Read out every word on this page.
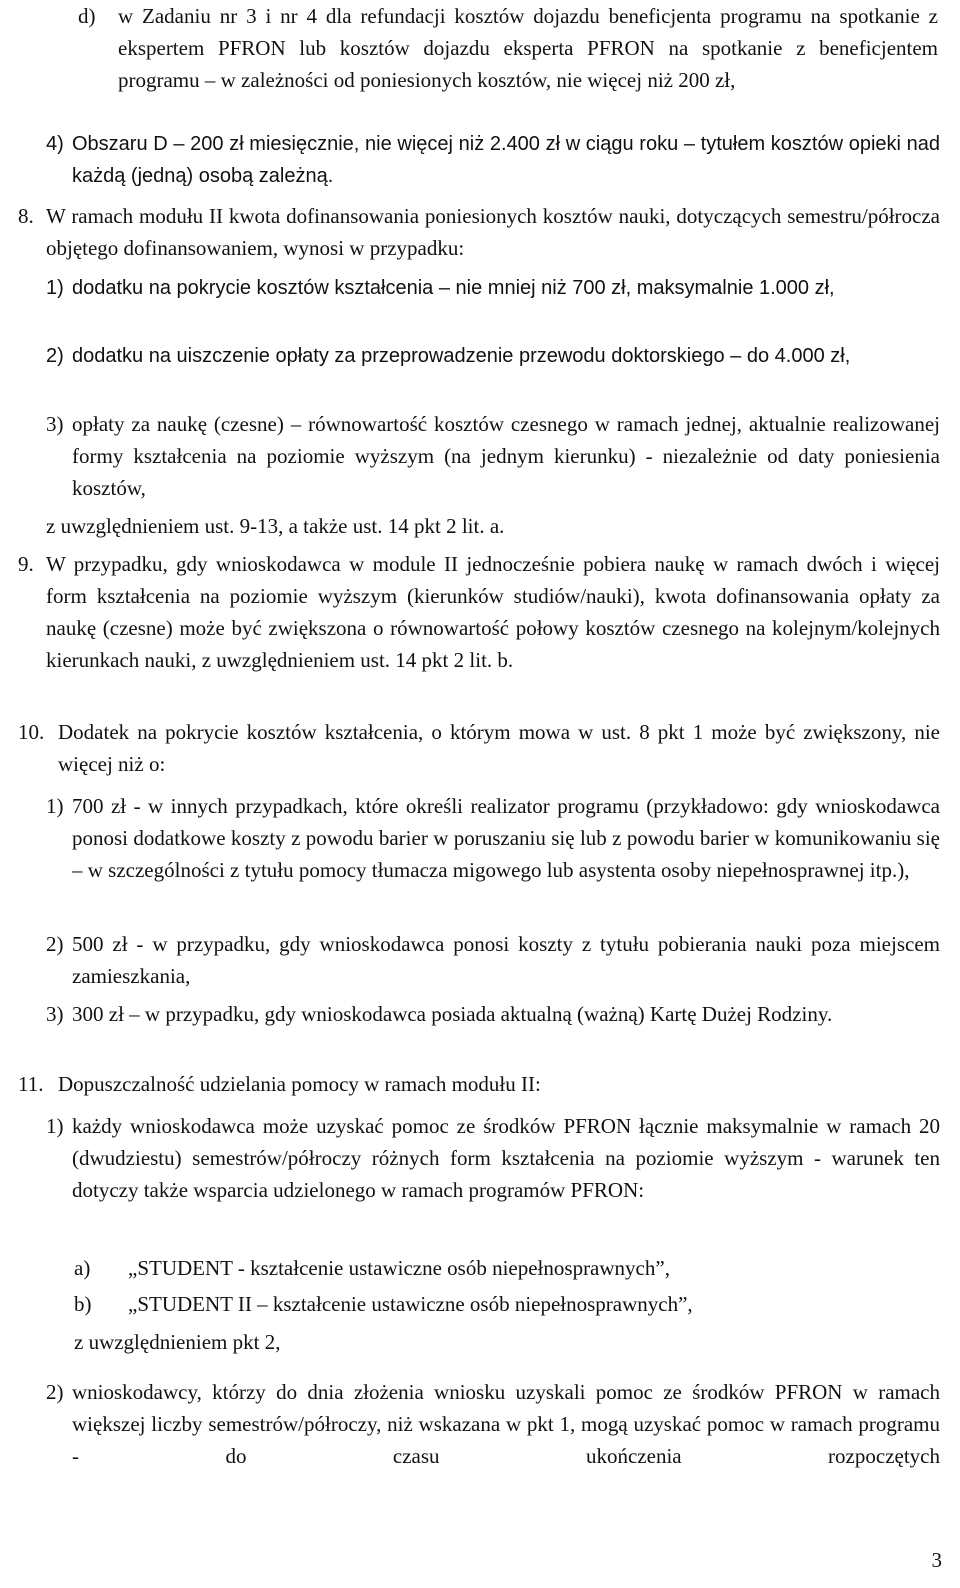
d)	w Zadaniu nr 3 i nr 4 dla refundacji kosztów dojazdu beneficjenta programu na spotkanie z ekspertem PFRON lub kosztów dojazdu eksperta PFRON na spotkanie z beneficjentem programu – w zależności od poniesionych kosztów, nie więcej niż 200 zł,
4) Obszaru D – 200 zł miesięcznie, nie więcej niż 2.400 zł w ciągu roku – tytułem kosztów opieki nad każdą (jedną) osobą zależną.
8. W ramach modułu II kwota dofinansowania poniesionych kosztów nauki, dotyczących semestru/półrocza objętego dofinansowaniem, wynosi w przypadku:
1) dodatku na pokrycie kosztów kształcenia – nie mniej niż 700 zł, maksymalnie 1.000 zł,
2) dodatku na uiszczenie opłaty za przeprowadzenie przewodu doktorskiego – do 4.000 zł,
3) opłaty za naukę (czesne) – równowartość kosztów czesnego w ramach jednej, aktualnie realizowanej formy kształcenia na poziomie wyższym (na jednym kierunku) - niezależnie od daty poniesienia kosztów,
z uwzględnieniem ust. 9-13, a także ust. 14 pkt 2 lit. a.
9. W przypadku, gdy wnioskodawca w module II jednocześnie pobiera naukę w ramach dwóch i więcej form kształcenia na poziomie wyższym (kierunków studiów/nauki), kwota dofinansowania opłaty za naukę (czesne) może być zwiększona o równowartość połowy kosztów czesnego na kolejnym/kolejnych kierunkach nauki, z uwzględnieniem ust. 14 pkt 2 lit. b.
10. Dodatek na pokrycie kosztów kształcenia, o którym mowa w ust. 8 pkt 1 może być zwiększony, nie więcej niż o:
1) 700 zł - w innych przypadkach, które określi realizator programu (przykładowo: gdy wnioskodawca ponosi dodatkowe koszty z powodu barier w poruszaniu się lub z powodu barier w komunikowaniu się – w szczególności z tytułu pomocy tłumacza migowego lub asystenta osoby niepełnosprawnej itp.),
2) 500 zł - w przypadku, gdy wnioskodawca ponosi koszty z tytułu pobierania nauki poza miejscem zamieszkania,
3) 300 zł – w przypadku, gdy wnioskodawca posiada aktualną (ważną) Kartę Dużej Rodziny.
11. Dopuszczalność udzielania pomocy w ramach modułu II:
1) każdy wnioskodawca może uzyskać pomoc ze środków PFRON łącznie maksymalnie w ramach 20 (dwudziestu) semestrów/półroczy różnych form kształcenia na poziomie wyższym - warunek ten dotyczy także wsparcia udzielonego w ramach programów PFRON:
a)	„STUDENT - kształcenie ustawiczne osób niepełnosprawnych”,
b)	„STUDENT II – kształcenie ustawiczne osób niepełnosprawnych”,
z uwzględnieniem pkt 2,
2) wnioskodawcy, którzy do dnia złożenia wniosku uzyskali pomoc ze środków PFRON w ramach większej liczby semestrów/półroczy, niż wskazana w pkt 1, mogą uzyskać pomoc w ramach programu - do czasu ukończenia rozpoczętych
3
